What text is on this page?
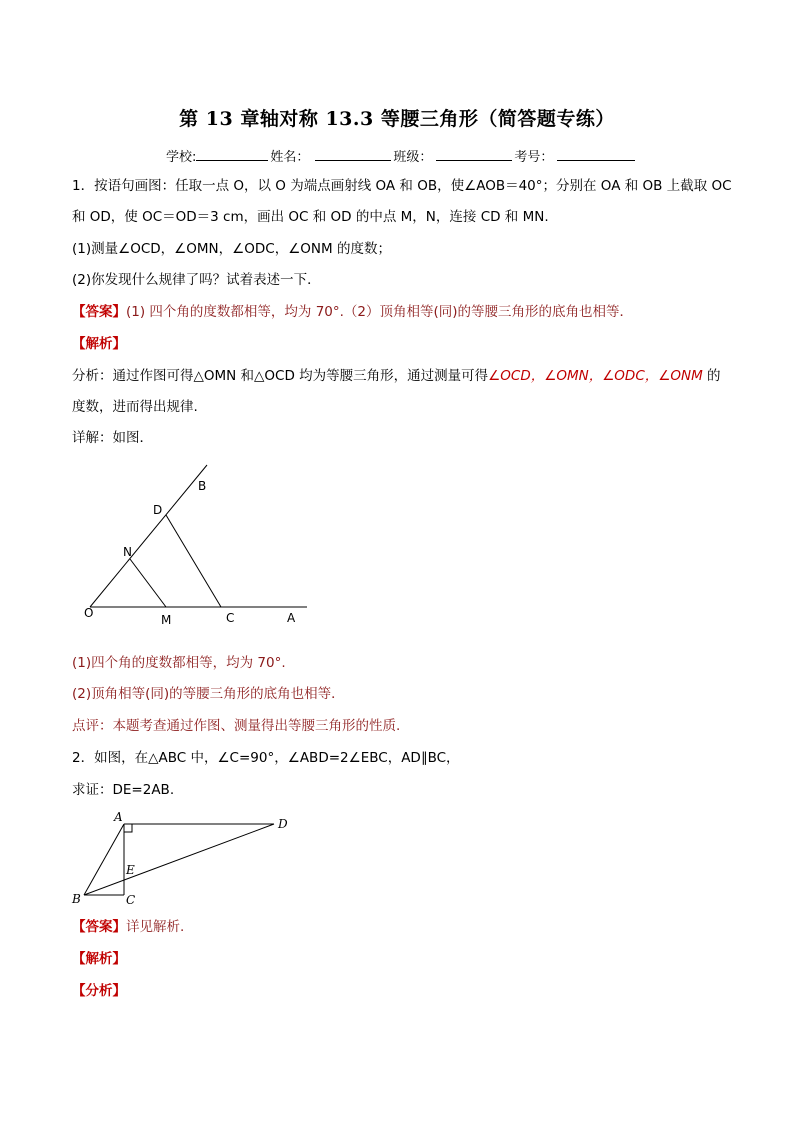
第 13 章轴对称 13.3 等腰三角形（简答题专练）
学校:	姓名：	班级：	考号：
1．按语句画图：任取一点 O，以 O 为端点画射线 OA 和 OB，使∠AOB＝40°；分别在 OA 和 OB 上截取 OC
和 OD，使 OC＝OD＝3 cm，画出 OC 和 OD 的中点 M，N，连接 CD 和 MN.
(1)测量∠OCD，∠OMN，∠ODC，∠ONM 的度数；
(2)你发现什么规律了吗？试着表述一下．
【答案】(1) 四个角的度数都相等，均为 70°.（2）顶角相等(同)的等腰三角形的底角也相等．
【解析】
分析：通过作图可得△OMN 和△OCD 均为等腰三角形，通过测量可得∠OCD，∠OMN，∠ODC，∠ONM 的
度数，进而得出规律.
详解：如图．
O	M	C	A
N
D
B
(1)四个角的度数都相等，均为 70°.
(2)顶角相等(同)的等腰三角形的底角也相等．
点评：本题考查通过作图、测量得出等腰三角形的性质.
2．如图，在△ABC 中，∠C=90°，∠ABD=2∠EBC，AD∥BC，
求证：DE=2AB.
A	D
E
B	C
【答案】详见解析.
【解析】
【分析】
